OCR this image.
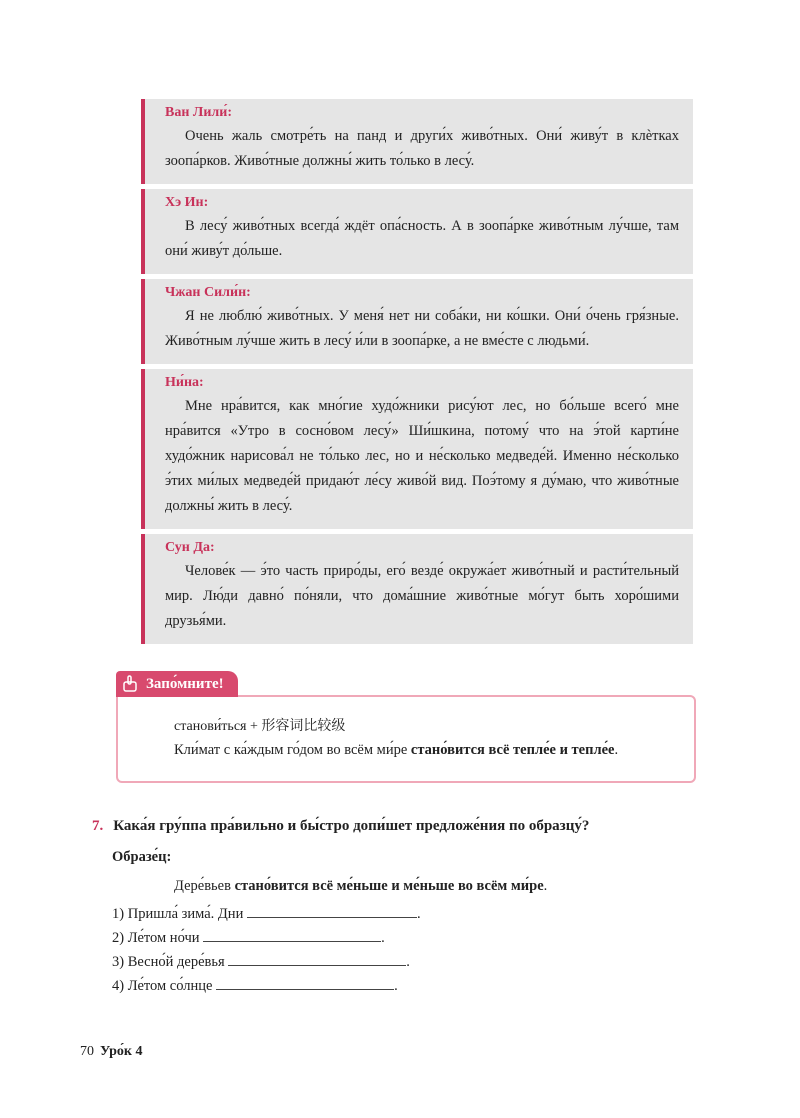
Ван Лили́:
Очень жаль смотре́ть на панд и други́х живо́тных. Они́ живу́т в клѐтках зоопа́рков. Живо́тные должны́ жить то́лько в лесу́.
Хэ Ин:
В лесу́ живо́тных всегда́ ждёт опа́сность. А в зоопа́рке живо́тным лу́чше, там они́ живу́т до́льше.
Чжан Сили́н:
Я не люблю́ живо́тных. У меня́ нет ни соба́ки, ни ко́шки. Они́ о́чень гря́зные. Живо́тным лу́чше жить в лесу́ и́ли в зоопа́рке, а не вме́сте с людьми́.
Ни́на:
Мне нра́вится, как мно́гие худо́жники рису́ют лес, но бо́льше всего́ мне нра́вится «Утро в сосно́вом лесу́» Ши́шкина, потому́ что на э́той карти́не худо́жник нарисова́л не то́лько лес, но и не́сколько медведе́й. Именно не́сколько э́тих ми́лых медведе́й придаю́т ле́су живо́й вид. Поэ́тому я ду́маю, что живо́тные должны́ жить в лесу́.
Сун Да:
Челове́к — э́то часть приро́ды, его́ везде́ окружа́ет живо́тный и расти́тельный мир. Лю́ди давно́ по́няли, что дома́шние живо́тные мо́гут быть хоро́шими друзья́ми.
Запо́мните!
станови́ться + 形容词比较级
Кли́мат с ка́ждым го́дом во всём ми́ре стано́вится всё тепле́е и тепле́е.
7. Кака́я гру́ппа пра́вильно и бы́стро допи́шет предложе́ния по образцу́?
Образе́ц:
Дере́вьев стано́вится всё ме́ньше и ме́ньше во всём ми́ре.
1) Пришла́ зима́. Дни	.
2) Ле́том но́чи	.
3) Весно́й дере́вья	.
4) Ле́том со́лнце	.
70 Уро́к 4
